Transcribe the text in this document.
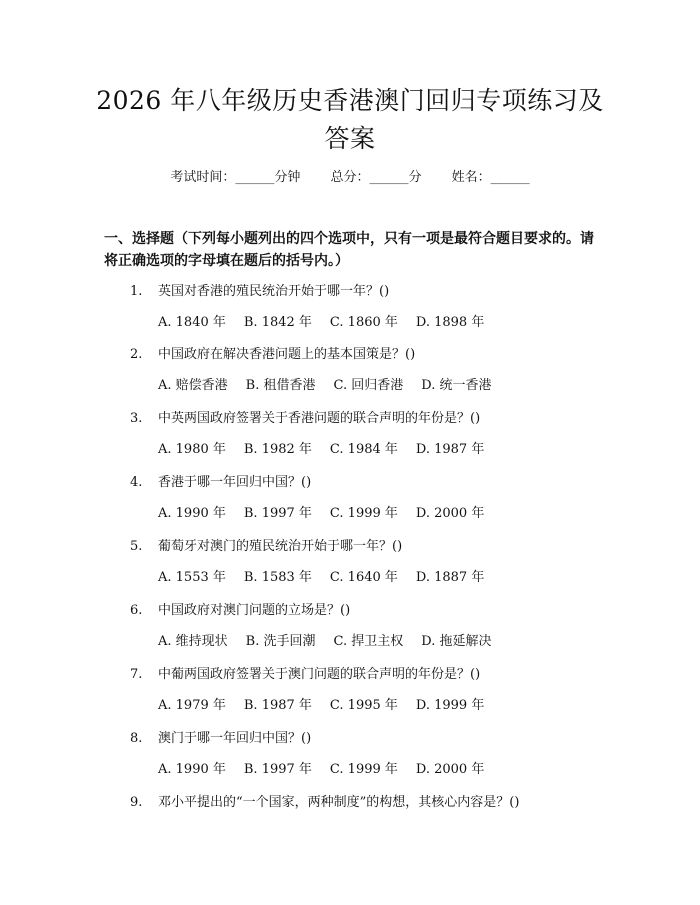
2026 年八年级历史香港澳门回归专项练习及
答案
考试时间：______分钟 总分：______分 姓名：______
一、选择题（下列每小题列出的四个选项中，只有一项是最符合题目要求的。请
将正确选项的字母填在题后的括号内。）
1. 英国对香港的殖民统治开始于哪一年？()
A. 1840 年 B. 1842 年 C. 1860 年 D. 1898 年
2. 中国政府在解决香港问题上的基本国策是？()
A. 赔偿香港 B. 租借香港 C. 回归香港 D. 统一香港
3. 中英两国政府签署关于香港问题的联合声明的年份是？()
A. 1980 年 B. 1982 年 C. 1984 年 D. 1987 年
4. 香港于哪一年回归中国？()
A. 1990 年 B. 1997 年 C. 1999 年 D. 2000 年
5. 葡萄牙对澳门的殖民统治开始于哪一年？()
A. 1553 年 B. 1583 年 C. 1640 年 D. 1887 年
6. 中国政府对澳门问题的立场是？()
A. 维持现状 B. 洗手回潮 C. 捍卫主权 D. 拖延解决
7. 中葡两国政府签署关于澳门问题的联合声明的年份是？()
A. 1979 年 B. 1987 年 C. 1995 年 D. 1999 年
8. 澳门于哪一年回归中国？()
A. 1990 年 B. 1997 年 C. 1999 年 D. 2000 年
9. 邓小平提出的“一个国家，两种制度”的构想，其核心内容是？()
